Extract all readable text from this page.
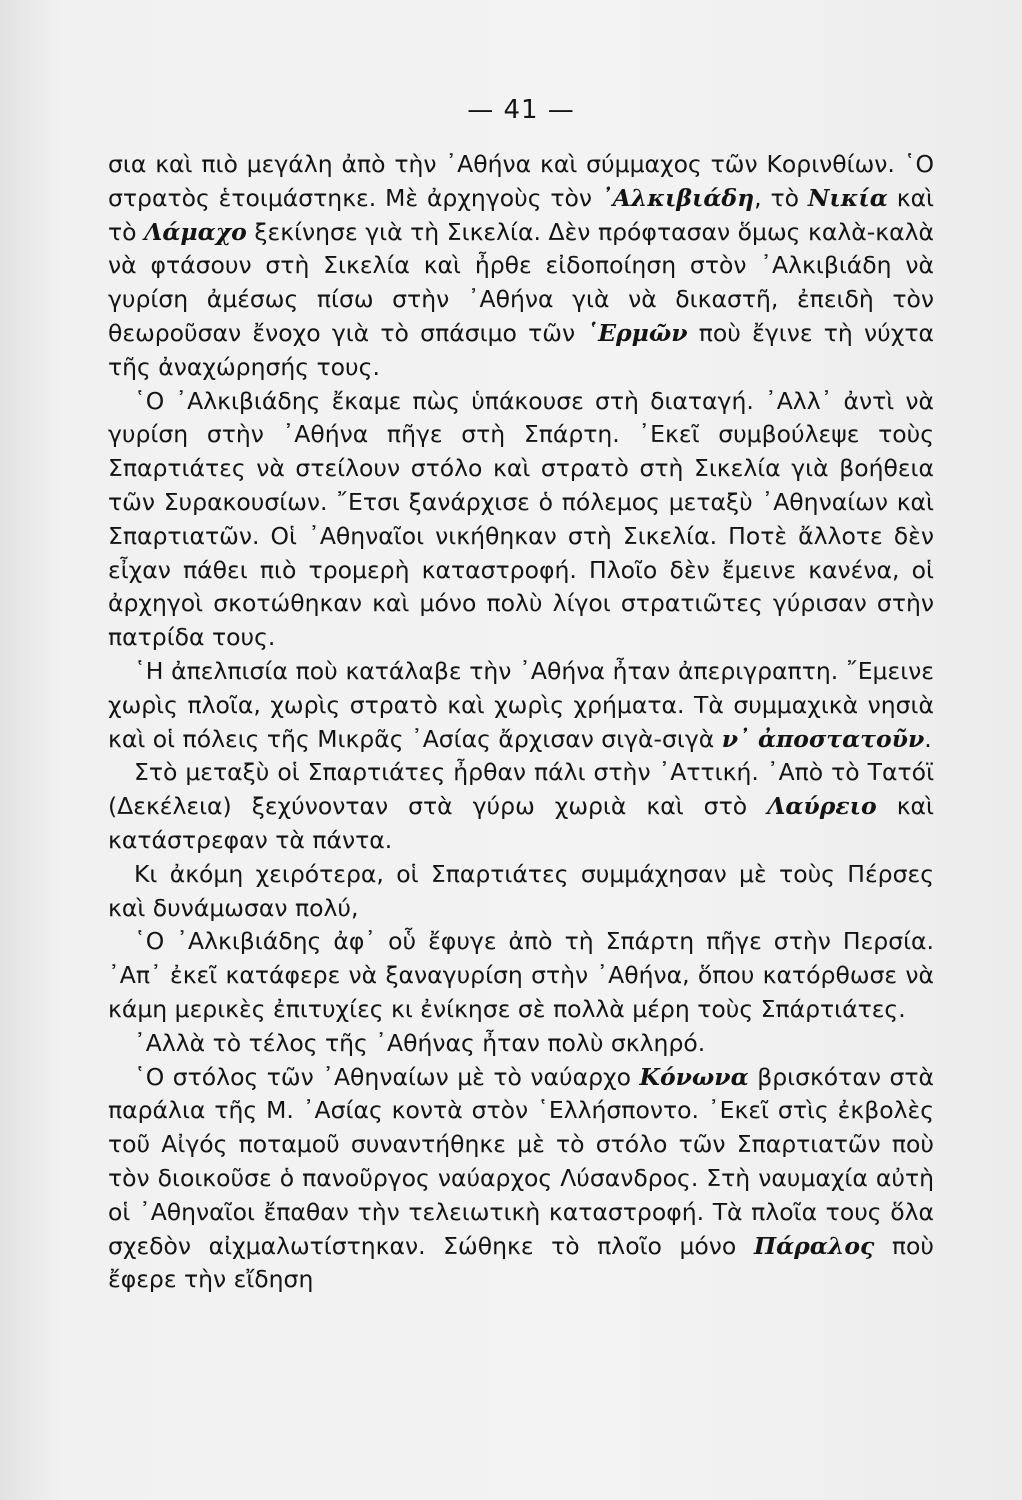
— 41 —

σια καὶ πιὸ μεγάλη ἀπὸ τὴν ᾿Αθήνα καὶ σύμμαχος τῶν Κορινθίων. ῾Ο στρατὸς ἑτοιμάστηκε. Μὲ ἀρχηγοὺς τὸν ᾿Αλκιβιάδη, τὸ Νικία καὶ τὸ Λάμαχο ξεκίνησε γιὰ τὴ Σικελία. Δὲν πρόφτασαν ὅμως καλὰ-καλὰ νὰ φτάσουν στὴ Σικελία καὶ ἦρθε εἰδοποίηση στὸν ᾿Αλκιβιάδη νὰ γυρίση ἀμέσως πίσω στὴν ᾿Αθήνα γιὰ νὰ δικαστῆ, ἐπειδὴ τὸν θεωροῦσαν ἔνοχο γιὰ τὸ σπάσιμο τῶν ῾Ερμῶν ποὺ ἔγινε τὴ νύχτα τῆς ἀναχώρησής τους.

῾Ο ᾿Αλκιβιάδης ἔκαμε πὼς ὑπάκουσε στὴ διαταγή. ᾿Αλλ᾿ ἀντὶ νὰ γυρίση στὴν ᾿Αθήνα πῆγε στὴ Σπάρτη. ᾿Εκεῖ συμβούλεψε τοὺς Σπαρτιάτες νὰ στείλουν στόλο καὶ στρατὸ στὴ Σικελία γιὰ βοήθεια τῶν Συρακουσίων. ῎Ετσι ξανάρχισε ὁ πόλεμος μεταξὺ ᾿Αθηναίων καὶ Σπαρτιατῶν. Οἱ ᾿Αθηναῖοι νικήθηκαν στὴ Σικελία. Ποτὲ ἄλλοτε δὲν εἶχαν πάθει πιὸ τρομερὴ καταστροφή. Πλοῖο δὲν ἔμεινε κανένα, οἱ ἀρχηγοὶ σκοτώθηκαν καὶ μόνο πολὺ λίγοι στρατιῶτες γύρισαν στὴν πατρίδα τους.

῾Η ἀπελπισία ποὺ κατάλαβε τὴν ᾿Αθήνα ἦταν ἀπεριγραπτη. ῎Εμεινε χωρὶς πλοῖα, χωρὶς στρατὸ καὶ χωρὶς χρήματα. Τὰ συμμαχικὰ νησιὰ καὶ οἱ πόλεις τῆς Μικρᾶς ᾿Ασίας ἄρχισαν σιγὰ-σιγὰ ν᾿ ἀποστατοῦν.

Στὸ μεταξὺ οἱ Σπαρτιάτες ἦρθαν πάλι στὴν ᾿Αττική. ᾿Απὸ τὸ Τατόϊ (Δεκέλεια) ξεχύνονταν στὰ γύρω χωριὰ καὶ στὸ Λαύρειο καὶ κατάστρεφαν τὰ πάντα.

Κι ἀκόμη χειρότερα, οἱ Σπαρτιάτες συμμάχησαν μὲ τοὺς Πέρσες καὶ δυνάμωσαν πολύ,

῾Ο ᾿Αλκιβιάδης ἀφ᾿ οὗ ἔφυγε ἀπὸ τὴ Σπάρτη πῆγε στὴν Περσία. ᾿Απ᾿ ἐκεῖ κατάφερε νὰ ξαναγυρίση στὴν ᾿Αθήνα, ὅπου κατόρθωσε νὰ κάμη μερικὲς ἐπιτυχίες κι ἐνίκησε σὲ πολλὰ μέρη τοὺς Σπάρτιάτες.

᾿Αλλὰ τὸ τέλος τῆς ᾿Αθήνας ἦταν πολὺ σκληρό.

῾Ο στόλος τῶν ᾿Αθηναίων μὲ τὸ ναύαρχο Κόνωνα βρισκόταν στὰ παράλια τῆς Μ. ᾿Ασίας κοντὰ στὸν ῾Ελλήσποντο. ᾿Εκεῖ στὶς ἐκβολὲς τοῦ Αἰγός ποταμοῦ συναντήθηκε μὲ τὸ στόλο τῶν Σπαρτιατῶν ποὺ τὸν διοικοῦσε ὁ πανοῦργος ναύαρχος Λύσανδρος. Στὴ ναυμαχία αὐτὴ οἱ ᾿Αθηναῖοι ἔπαθαν τὴν τελειωτικὴ καταστροφή. Τὰ πλοῖα τους ὅλα σχεδὸν αἰχμαλωτίστηκαν. Σώθηκε τὸ πλοῖο μόνο Πάραλος ποὺ ἔφερε τὴν εἴδηση
